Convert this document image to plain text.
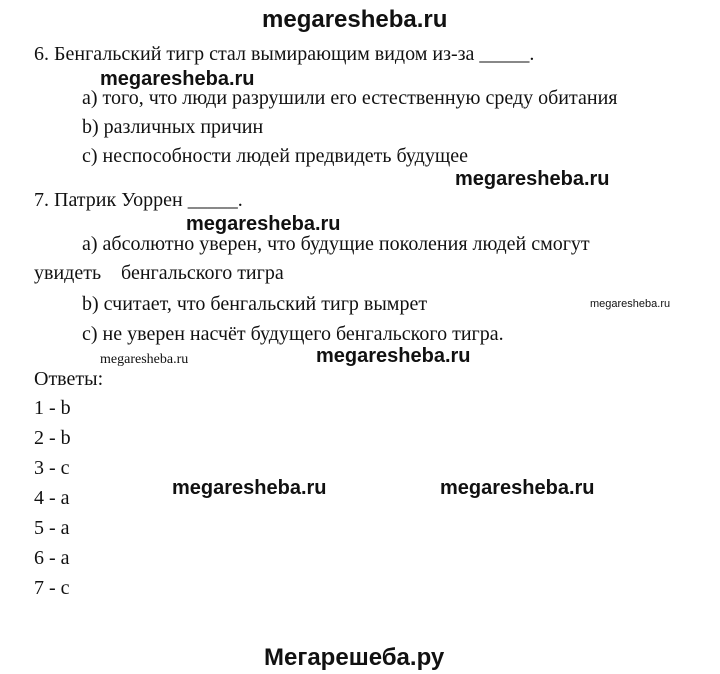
megaresheba.ru
6. Бенгальский тигр стал вымирающим видом из-за _____.
megaresheba.ru
a) того, что люди разрушили его естественную среду обитания
b) различных причин
c) неспособности людей предвидеть будущее
megaresheba.ru
7. Патрик Уоррен _____.
megaresheba.ru
a) абсолютно уверен, что будущие поколения людей смогут
увидеть    бенгальского тигра
b) считает, что бенгальский тигр вымрет	megaresheba.ru
c) не уверен насчёт будущего бенгальского тигра.
megaresheba.ru	megaresheba.ru
Ответы:
1 - b
2 - b
3 - c
4 - a
5 - a
6 - a
7 - c
megaresheba.ru	megaresheba.ru
Мегарешеба.ру
